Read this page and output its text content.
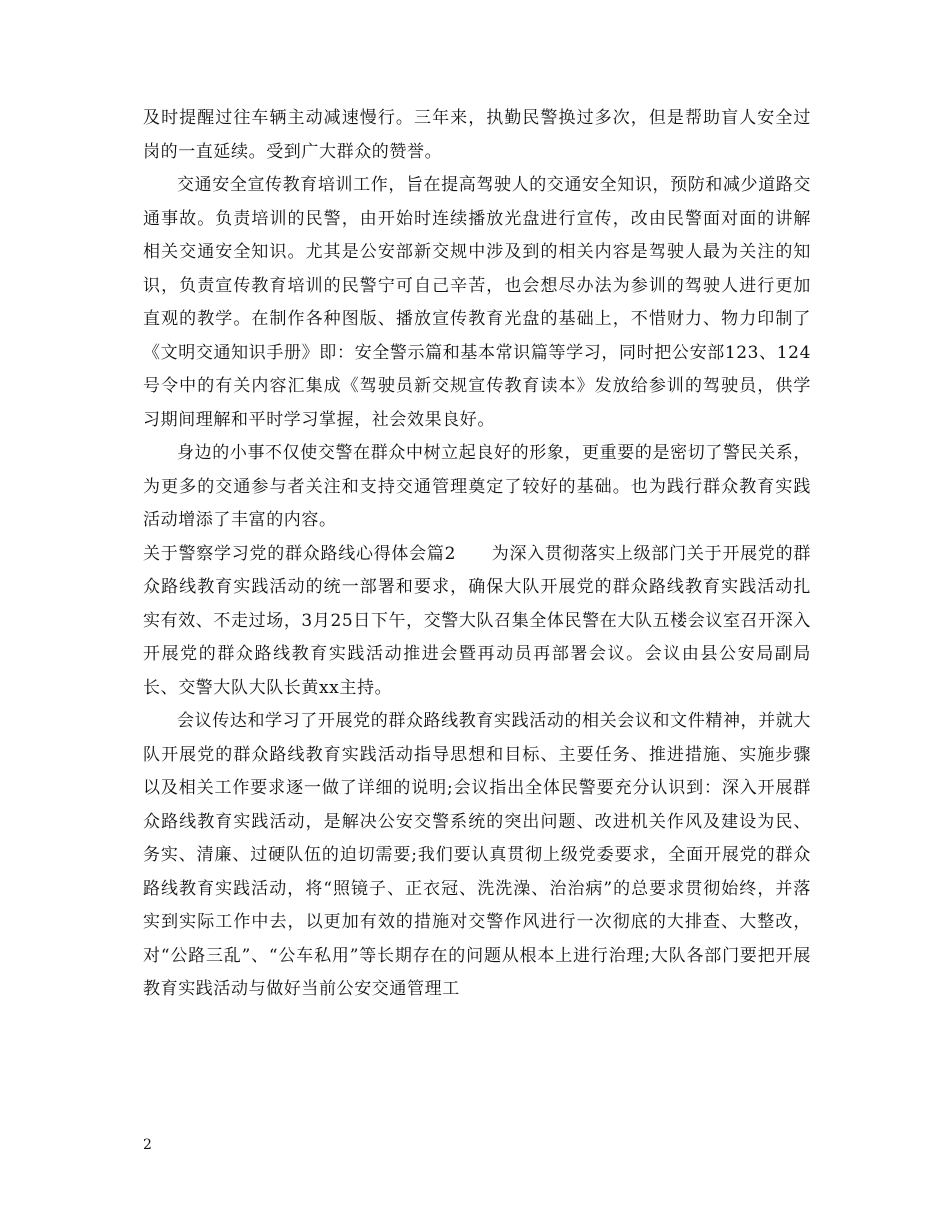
及时提醒过往车辆主动减速慢行。三年来，执勤民警换过多次，但是帮助盲人安全过岗的一直延续。受到广大群众的赞誉。

交通安全宣传教育培训工作，旨在提高驾驶人的交通安全知识，预防和减少道路交通事故。负责培训的民警，由开始时连续播放光盘进行宣传，改由民警面对面的讲解相关交通安全知识。尤其是公安部新交规中涉及到的相关内容是驾驶人最为关注的知识，负责宣传教育培训的民警宁可自己辛苦，也会想尽办法为参训的驾驶人进行更加直观的教学。在制作各种图版、播放宣传教育光盘的基础上，不惜财力、物力印制了《文明交通知识手册》即：安全警示篇和基本常识篇等学习，同时把公安部123、124号令中的有关内容汇集成《驾驶员新交规宣传教育读本》发放给参训的驾驶员，供学习期间理解和平时学习掌握，社会效果良好。

身边的小事不仅使交警在群众中树立起良好的形象，更重要的是密切了警民关系，为更多的交通参与者关注和支持交通管理奠定了较好的基础。也为践行群众教育实践活动增添了丰富的内容。

关于警察学习党的群众路线心得体会篇2　　为深入贯彻落实上级部门关于开展党的群众路线教育实践活动的统一部署和要求，确保大队开展党的群众路线教育实践活动扎实有效、不走过场，3月25日下午，交警大队召集全体民警在大队五楼会议室召开深入开展党的群众路线教育实践活动推进会暨再动员再部署会议。会议由县公安局副局长、交警大队大队长黄xx主持。

会议传达和学习了开展党的群众路线教育实践活动的相关会议和文件精神，并就大队开展党的群众路线教育实践活动指导思想和目标、主要任务、推进措施、实施步骤以及相关工作要求逐一做了详细的说明;会议指出全体民警要充分认识到：深入开展群众路线教育实践活动，是解决公安交警系统的突出问题、改进机关作风及建设为民、务实、清廉、过硬队伍的迫切需要;我们要认真贯彻上级党委要求，全面开展党的群众路线教育实践活动，将“照镜子、正衣冠、洗洗澡、治治病”的总要求贯彻始终，并落实到实际工作中去，以更加有效的措施对交警作风进行一次彻底的大排查、大整改，对“公路三乱”、“公车私用”等长期存在的问题从根本上进行治理;大队各部门要把开展教育实践活动与做好当前公安交通管理工

2
